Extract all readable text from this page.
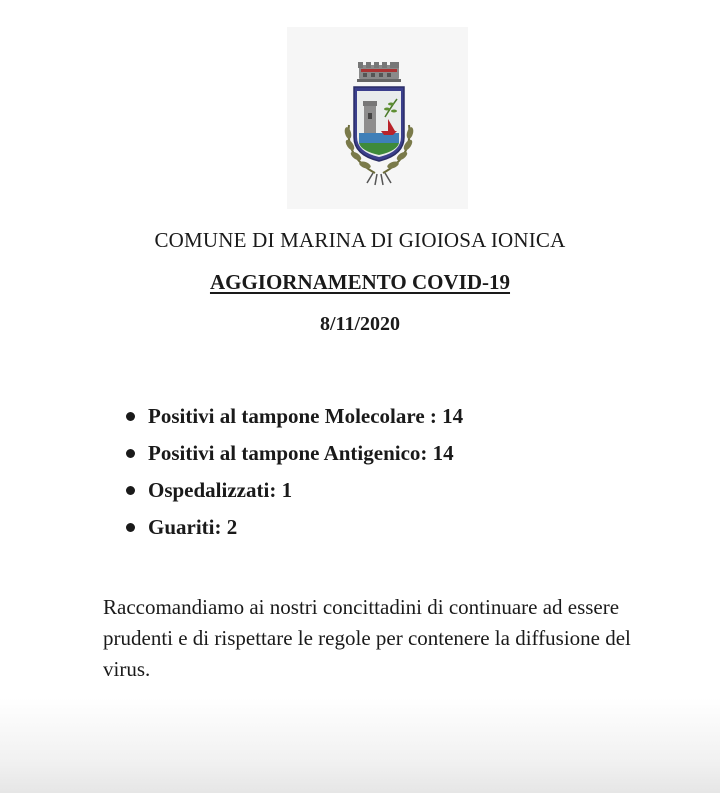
COMUNE DI MARINA DI GIOIOSA IONICA
AGGIORNAMENTO COVID-19
8/11/2020
Positivi al tampone Molecolare : 14
Positivi al tampone Antigenico: 14
Ospedalizzati: 1
Guariti: 2

Raccomandiamo ai nostri concittadini di continuare ad essere prudenti e di rispettare le regole per contenere la diffusione del virus.
